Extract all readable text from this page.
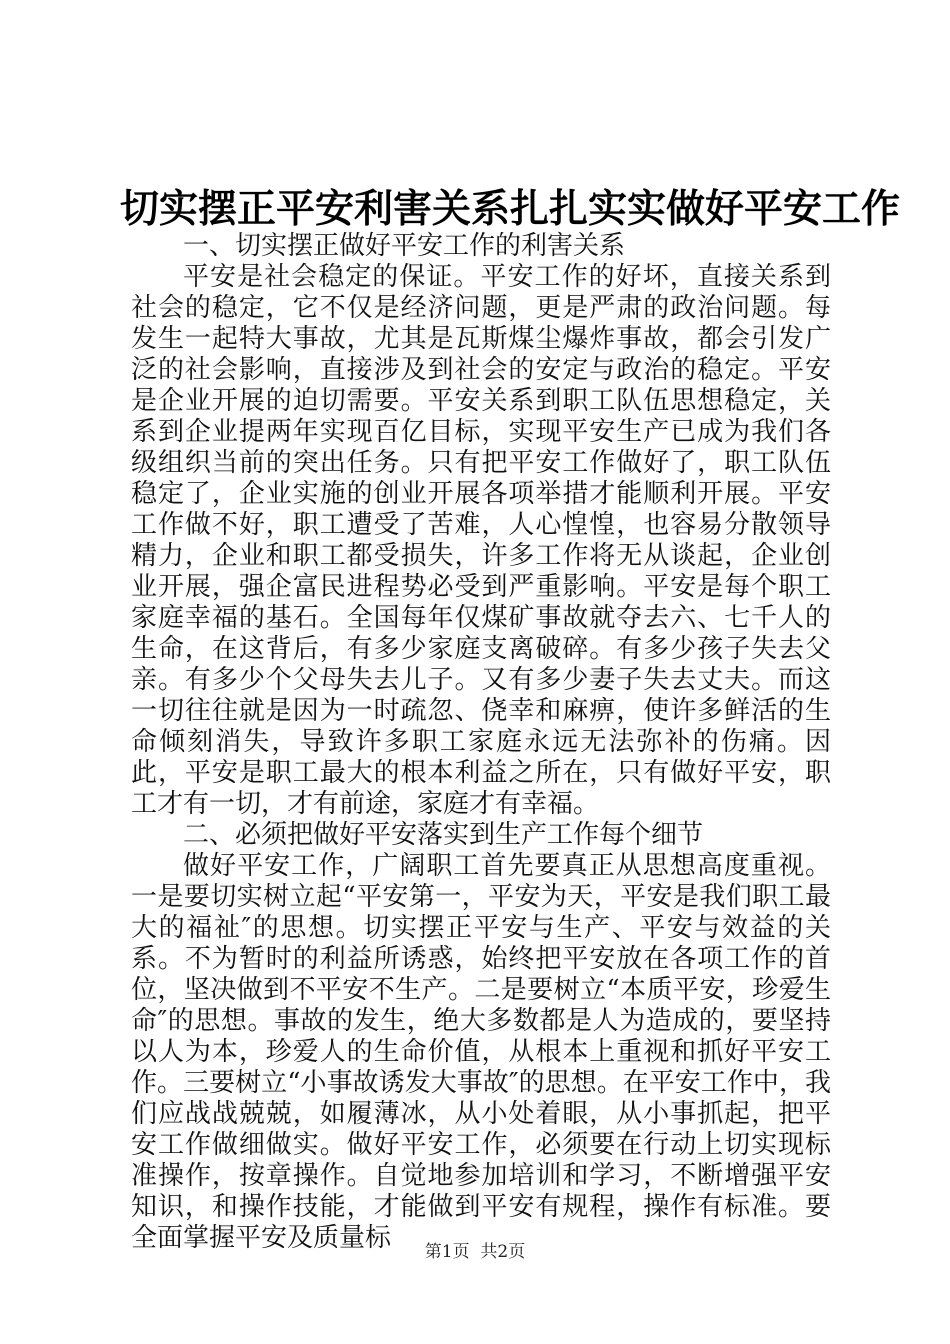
切实摆正平安利害关系扎扎实实做好平安工作

一、切实摆正做好平安工作的利害关系

平安是社会稳定的保证。平安工作的好坏，直接关系到社会的稳定，它不仅是经济问题，更是严肃的政治问题。每发生一起特大事故，尤其是瓦斯煤尘爆炸事故，都会引发广泛的社会影响，直接涉及到社会的安定与政治的稳定。平安是企业开展的迫切需要。平安关系到职工队伍思想稳定，关系到企业提两年实现百亿目标，实现平安生产已成为我们各级组织当前的突出任务。只有把平安工作做好了，职工队伍稳定了，企业实施的创业开展各项举措才能顺利开展。平安工作做不好，职工遭受了苦难，人心惶惶，也容易分散领导精力，企业和职工都受损失，许多工作将无从谈起，企业创业开展，强企富民进程势必受到严重影响。平安是每个职工家庭幸福的基石。全国每年仅煤矿事故就夺去六、七千人的生命，在这背后，有多少家庭支离破碎。有多少孩子失去父亲。有多少个父母失去儿子。又有多少妻子失去丈夫。而这一切往往就是因为一时疏忽、侥幸和麻痹，使许多鲜活的生命倾刻消失，导致许多职工家庭永远无法弥补的伤痛。因此，平安是职工最大的根本利益之所在，只有做好平安，职工才有一切，才有前途，家庭才有幸福。

二、必须把做好平安落实到生产工作每个细节

做好平安工作，广阔职工首先要真正从思想高度重视。一是要切实树立起“平安第一，平安为天，平安是我们职工最大的福祉″的思想。切实摆正平安与生产、平安与效益的关系。不为暂时的利益所诱惑，始终把平安放在各项工作的首位，坚决做到不平安不生产。二是要树立“本质平安，珍爱生命″的思想。事故的发生，绝大多数都是人为造成的，要坚持以人为本，珍爱人的生命价值，从根本上重视和抓好平安工作。三要树立“小事故诱发大事故″的思想。在平安工作中，我们应战战兢兢，如履薄冰，从小处着眼，从小事抓起，把平安工作做细做实。做好平安工作，必须要在行动上切实现标准操作，按章操作。自觉地参加培训和学习，不断增强平安知识，和操作技能，才能做到平安有规程，操作有标准。要全面掌握平安及质量标	第1页  共2页
